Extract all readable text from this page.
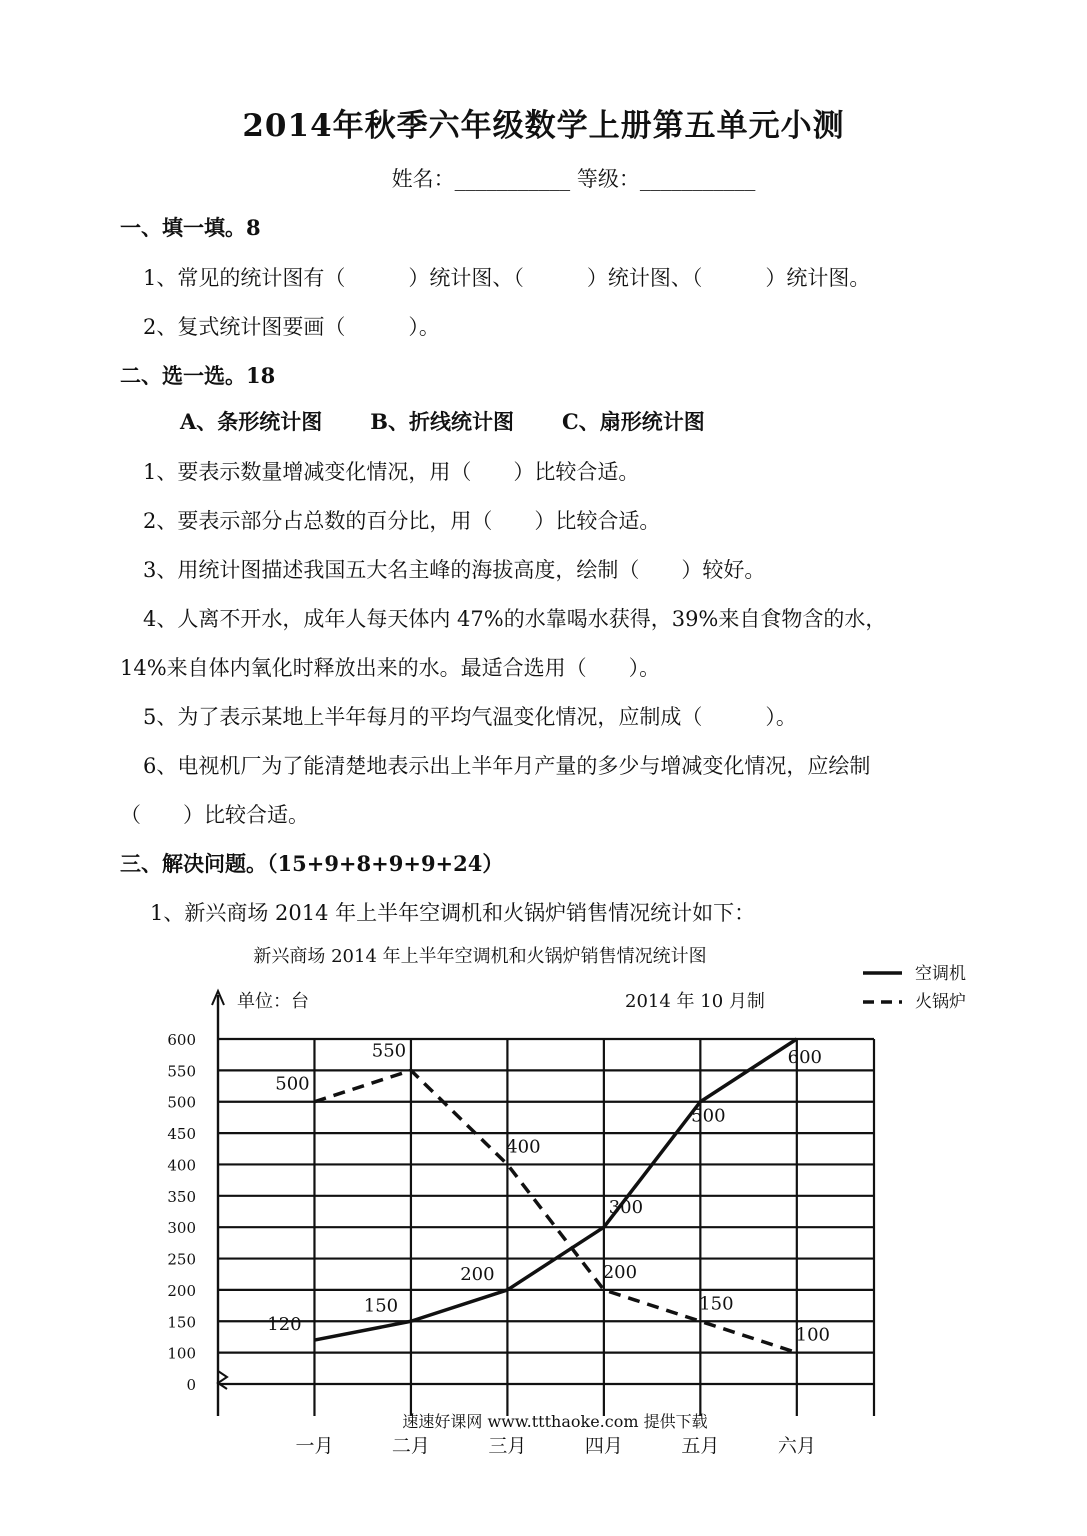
2014年秋季六年级数学上册第五单元小测
姓名：___________ 等级：___________
一、填一填。8
1、常见的统计图有（　　　）统计图、（　　　）统计图、（　　　）统计图。
2、复式统计图要画（　　　）。
二、选一选。18
A、条形统计图 B、折线统计图 C、扇形统计图
1、要表示数量增减变化情况，用（　　）比较合适。
2、要表示部分占总数的百分比，用（　　）比较合适。
3、用统计图描述我国五大名主峰的海拔高度，绘制（　　）较好。
4、人离不开水，成年人每天体内 47%的水靠喝水获得，39%来自食物含的水，
14%来自体内氧化时释放出来的水。最适合选用（　　）。
5、为了表示某地上半年每月的平均气温变化情况，应制成（　　　）。
6、电视机厂为了能清楚地表示出上半年月产量的多少与增减变化情况，应绘制
（　　）比较合适。
三、解决问题。（15+9+8+9+9+24）
1、新兴商场 2014 年上半年空调机和火锅炉销售情况统计如下：
0
100
150
200
250
300
350
400
450
500
550
600
一月	二月	三月	四月	五月	六月
120
150
200
300
500
600
500
550
400
200
150
100
新兴商场 2014 年上半年空调机和火锅炉销售情况统计图
单位：台	2014 年 10 月制
空调机
火锅炉
速速好课网 www.ttthaoke.com 提供下载
